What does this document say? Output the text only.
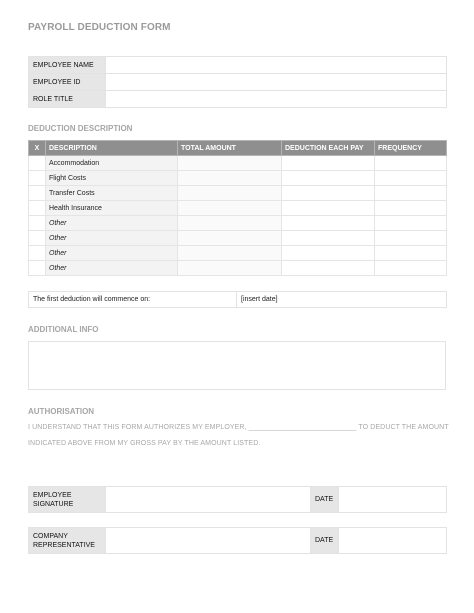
PAYROLL DEDUCTION FORM
EMPLOYEE NAME	
EMPLOYEE ID	
ROLE TITLE	
DEDUCTION DESCRIPTION
X	DESCRIPTION	TOTAL AMOUNT	DEDUCTION EACH PAY	FREQUENCY
	Accommodation			
	Flight Costs			
	Transfer Costs			
	Health Insurance			
	Other			
	Other			
	Other			
	Other			
The first deduction will commence on:	[insert date]
ADDITIONAL INFO
AUTHORISATION
I UNDERSTAND THAT THIS FORM AUTHORIZES MY EMPLOYER, ___________________________ TO DEDUCT THE AMOUNT
INDICATED ABOVE FROM MY GROSS PAY BY THE AMOUNT LISTED.
EMPLOYEE SIGNATURE		DATE	
COMPANY REPRESENTATIVE		DATE	
